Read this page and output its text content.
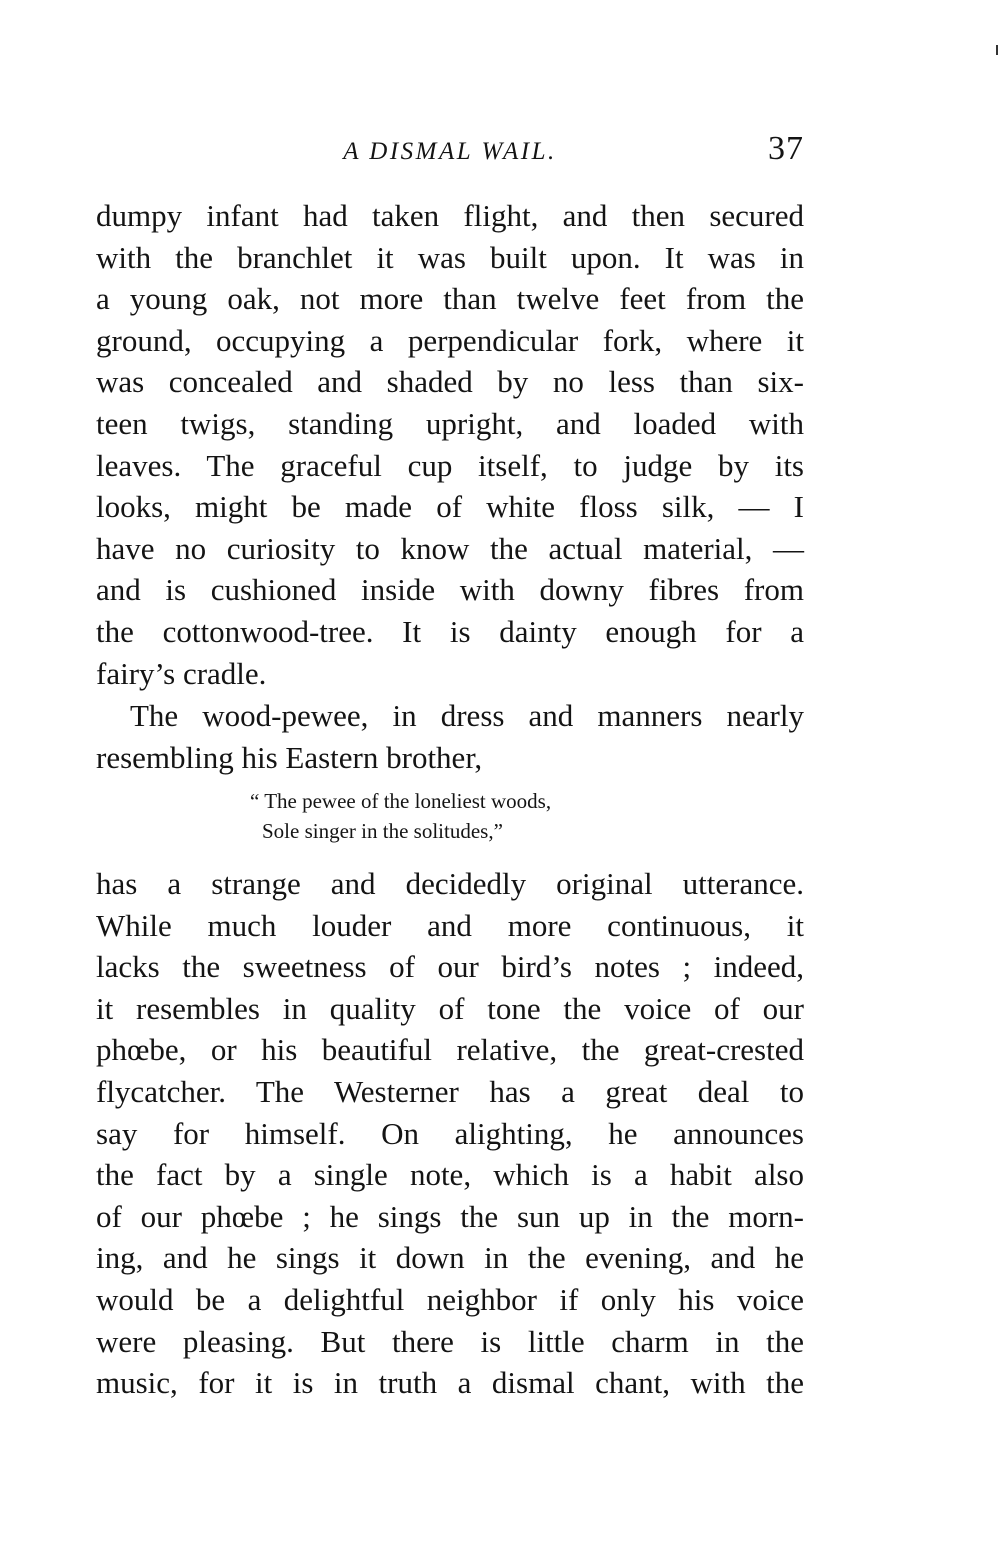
A DISMAL WAIL.	37
dumpy infant had taken flight, and then secured
with the branchlet it was built upon. It was in
a young oak, not more than twelve feet from the
ground, occupying a perpendicular fork, where it
was concealed and shaded by no less than six-
teen twigs, standing upright, and loaded with
leaves. The graceful cup itself, to judge by its
looks, might be made of white floss silk, — I
have no curiosity to know the actual material, —
and is cushioned inside with downy fibres from
the cottonwood-tree. It is dainty enough for a
fairy’s cradle.
The wood-pewee, in dress and manners nearly
resembling his Eastern brother,
“ The pewee of the loneliest woods,
Sole singer in the solitudes,”
has a strange and decidedly original utterance.
While much louder and more continuous, it
lacks the sweetness of our bird’s notes ; indeed,
it resembles in quality of tone the voice of our
phœbe, or his beautiful relative, the great-crested
flycatcher. The Westerner has a great deal to
say for himself. On alighting, he announces
the fact by a single note, which is a habit also
of our phœbe ; he sings the sun up in the morn-
ing, and he sings it down in the evening, and he
would be a delightful neighbor if only his voice
were pleasing. But there is little charm in the
music, for it is in truth a dismal chant, with the
